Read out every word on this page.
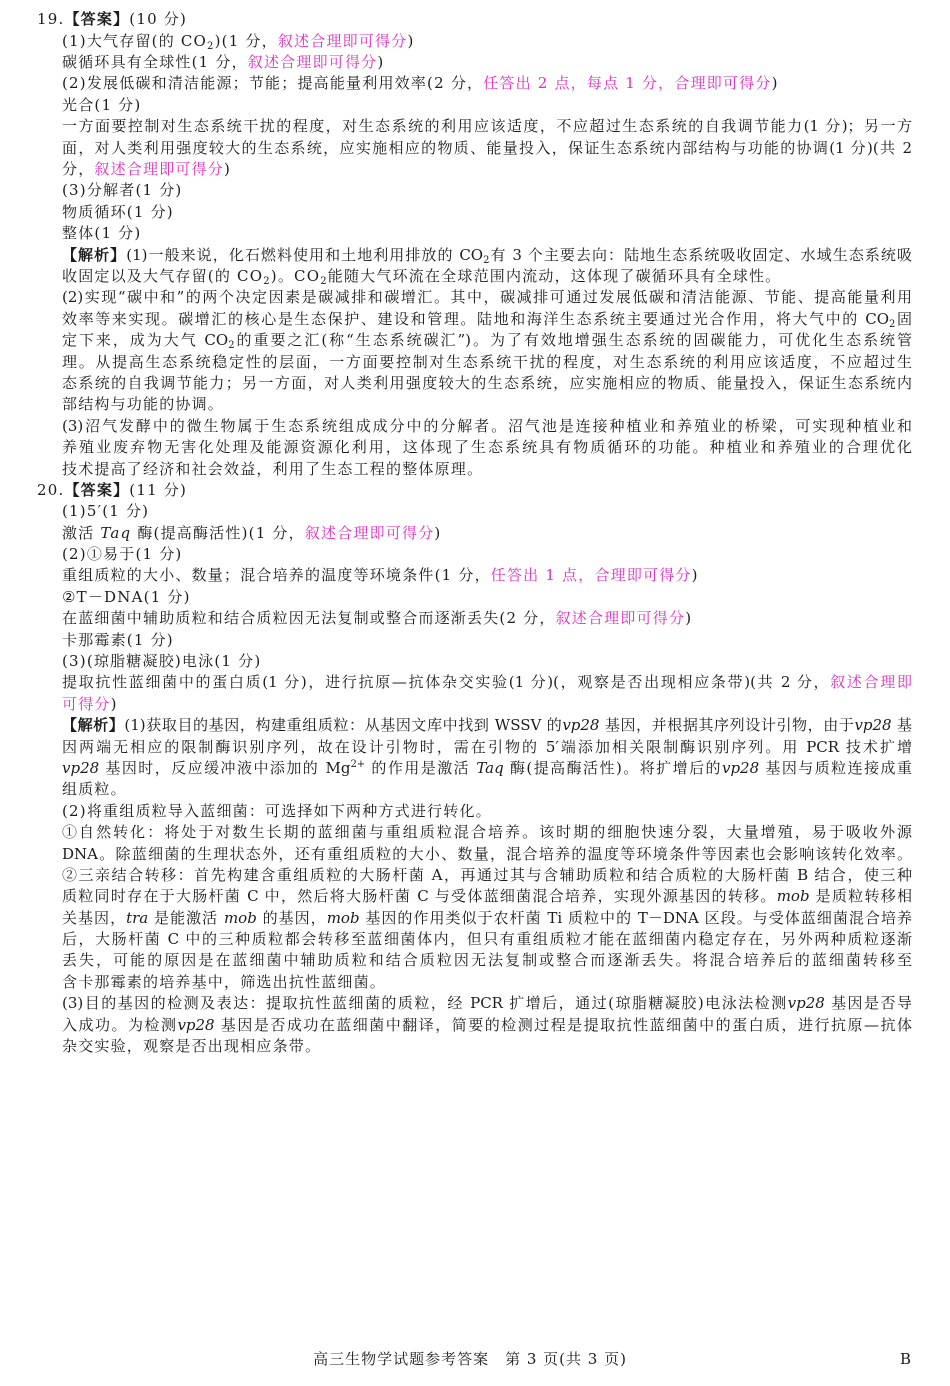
19.【答案】(10 分)
(1)大气存留(的 $CO_2)(1$ 分，叙述合理即可得分)
碳循环具有全球性(1 分，叙述合理即可得分)
(2)发展低碳和清洁能源；节能；提高能量利用效率(2 分，任答出 2 点，每点 1 分，合理即可得分)
光合(1 分)
一方面要控制对生态系统干扰的程度，对生态系统的利用应该适度，不应超过生态系统的自我调节能力(1 分)；另一方
面，对人类利用强度较大的生态系统，应实施相应的物质、能量投入，保证生态系统内部结构与功能的协调(1 分)(共 2
分，叙述合理即可得分)
(3)分解者(1 分)
物质循环(1 分)
整体(1 分)
【解析】(1)一般来说，化石燃料使用和土地利用排放的 $CO_2$有 3 个主要去向：陆地生态系统吸收固定、水域生态系统吸
收固定以及大气存留(的 $CO_2$)。$CO_2$能随大气环流在全球范围内流动，这体现了碳循环具有全球性。
(2)实现“碳中和”的两个决定因素是碳减排和碳增汇。其中，碳减排可通过发展低碳和清洁能源、节能、提高能量利用
效率等来实现。碳增汇的核心是生态保护、建设和管理。陆地和海洋生态系统主要通过光合作用，将大气中的 $CO_2$固
定下来，成为大气 $CO_2$的重要之汇(称“生态系统碳汇”)。为了有效地增强生态系统的固碳能力，可优化生态系统管
理。从提高生态系统稳定性的层面，一方面要控制对生态系统干扰的程度，对生态系统的利用应该适度，不应超过生
态系统的自我调节能力；另一方面，对人类利用强度较大的生态系统，应实施相应的物质、能量投入，保证生态系统内
部结构与功能的协调。
(3)沼气发酵中的微生物属于生态系统组成成分中的分解者。沼气池是连接种植业和养殖业的桥梁，可实现种植业和
养殖业废弃物无害化处理及能源资源化利用，这体现了生态系统具有物质循环的功能。种植业和养殖业的合理优化
技术提高了经济和社会效益，利用了生态工程的整体原理。
20.【答案】(11 分)
(1)5′(1 分)
激活 Taq 酶(提高酶活性)(1 分，叙述合理即可得分)
(2)①易于(1 分)
重组质粒的大小、数量；混合培养的温度等环境条件(1 分，任答出 1 点，合理即可得分)
②T－DNA(1 分)
在蓝细菌中辅助质粒和结合质粒因无法复制或整合而逐渐丢失(2 分，叙述合理即可得分)
卡那霉素(1 分)
(3)(琼脂糖凝胶)电泳(1 分)
提取抗性蓝细菌中的蛋白质(1 分)，进行抗原—抗体杂交实验(1 分)(，观察是否出现相应条带)(共 2 分，叙述合理即
可得分)
【解析】(1)获取目的基因，构建重组质粒：从基因文库中找到 WSSV 的vp28 基因，并根据其序列设计引物，由于vp28 基
因两端无相应的限制酶识别序列，故在设计引物时，需在引物的 5′端添加相关限制酶识别序列。用 PCR 技术扩增
vp28 基因时，反应缓冲液中添加的 $Mg^{2+}$ 的作用是激活 Taq 酶(提高酶活性)。将扩增后的vp28 基因与质粒连接成重
组质粒。
(2)将重组质粒导入蓝细菌：可选择如下两种方式进行转化。
①自然转化：将处于对数生长期的蓝细菌与重组质粒混合培养。该时期的细胞快速分裂，大量增殖，易于吸收外源
DNA。除蓝细菌的生理状态外，还有重组质粒的大小、数量，混合培养的温度等环境条件等因素也会影响该转化效率。
②三亲结合转移：首先构建含重组质粒的大肠杆菌 A，再通过其与含辅助质粒和结合质粒的大肠杆菌 B 结合，使三种
质粒同时存在于大肠杆菌 C 中，然后将大肠杆菌 C 与受体蓝细菌混合培养，实现外源基因的转移。mob 是质粒转移相
关基因，tra 是能激活 mob 的基因，mob 基因的作用类似于农杆菌 Ti 质粒中的 T－DNA 区段。与受体蓝细菌混合培养
后，大肠杆菌 C 中的三种质粒都会转移至蓝细菌体内，但只有重组质粒才能在蓝细菌内稳定存在，另外两种质粒逐渐
丢失，可能的原因是在蓝细菌中辅助质粒和结合质粒因无法复制或整合而逐渐丢失。将混合培养后的蓝细菌转移至
含卡那霉素的培养基中，筛选出抗性蓝细菌。
(3)目的基因的检测及表达：提取抗性蓝细菌的质粒，经 PCR 扩增后，通过(琼脂糖凝胶)电泳法检测vp28 基因是否导
入成功。为检测vp28 基因是否成功在蓝细菌中翻译，简要的检测过程是提取抗性蓝细菌中的蛋白质，进行抗原—抗体
杂交实验，观察是否出现相应条带。
高三生物学试题参考答案　第 3 页(共 3 页)	B
